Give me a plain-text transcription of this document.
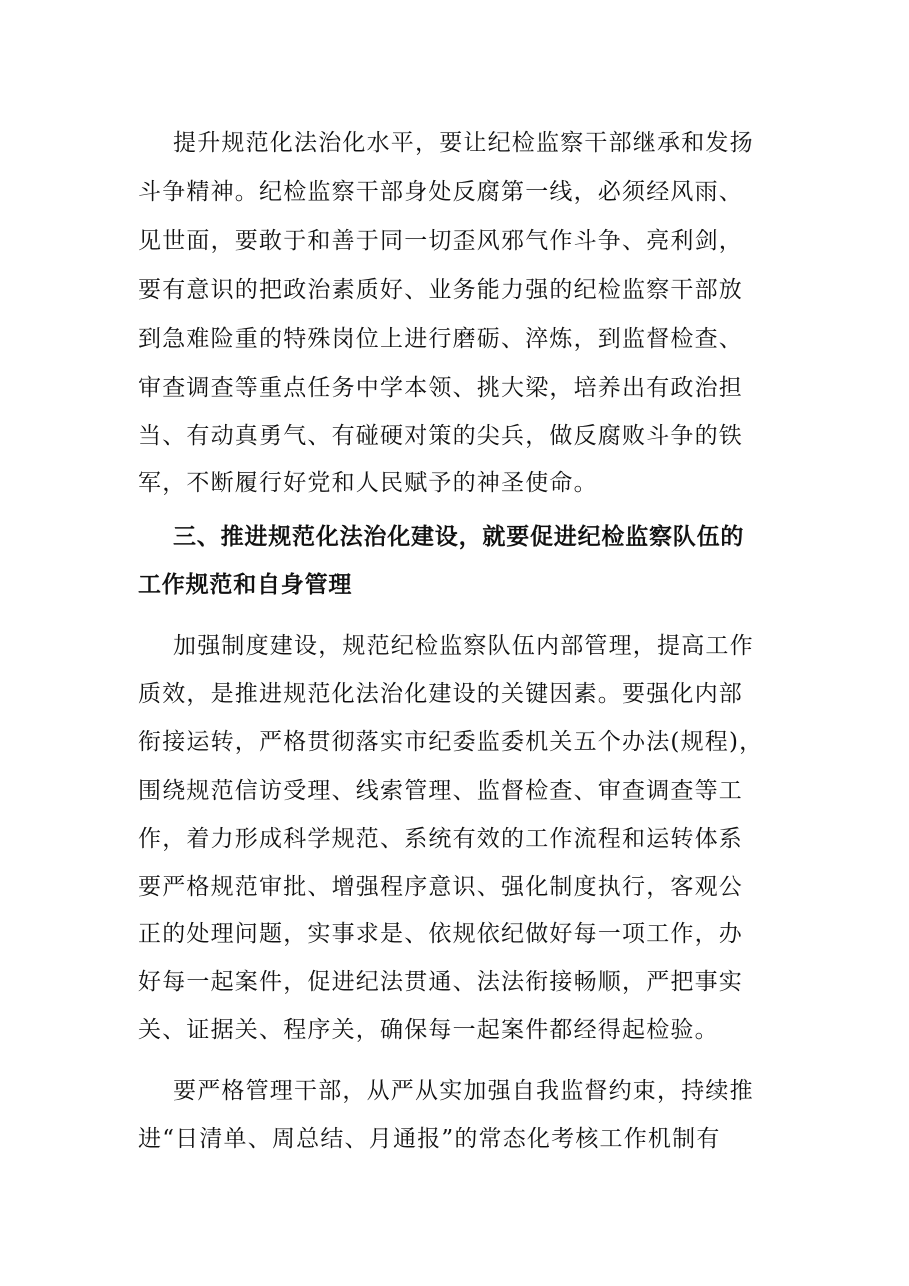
提升规范化法治化水平，要让纪检监察干部继承和发扬
斗争精神。纪检监察干部身处反腐第一线，必须经风雨、
见世面，要敢于和善于同一切歪风邪气作斗争、亮利剑，
要有意识的把政治素质好、业务能力强的纪检监察干部放
到急难险重的特殊岗位上进行磨砺、淬炼，到监督检查、
审查调查等重点任务中学本领、挑大梁，培养出有政治担
当、有动真勇气、有碰硬对策的尖兵，做反腐败斗争的铁
军，不断履行好党和人民赋予的神圣使命。
三、推进规范化法治化建设，就要促进纪检监察队伍的
工作规范和自身管理
加强制度建设，规范纪检监察队伍内部管理，提高工作
质效，是推进规范化法治化建设的关键因素。要强化内部
衔接运转，严格贯彻落实市纪委监委机关五个办法(规程)，
围绕规范信访受理、线索管理、监督检查、审查调查等工
作，着力形成科学规范、系统有效的工作流程和运转体系
要严格规范审批、增强程序意识、强化制度执行，客观公
正的处理问题，实事求是、依规依纪做好每一项工作，办
好每一起案件，促进纪法贯通、法法衔接畅顺，严把事实
关、证据关、程序关，确保每一起案件都经得起检验。
要严格管理干部，从严从实加强自我监督约束，持续推
进“日清单、周总结、月通报”的常态化考核工作机制有
